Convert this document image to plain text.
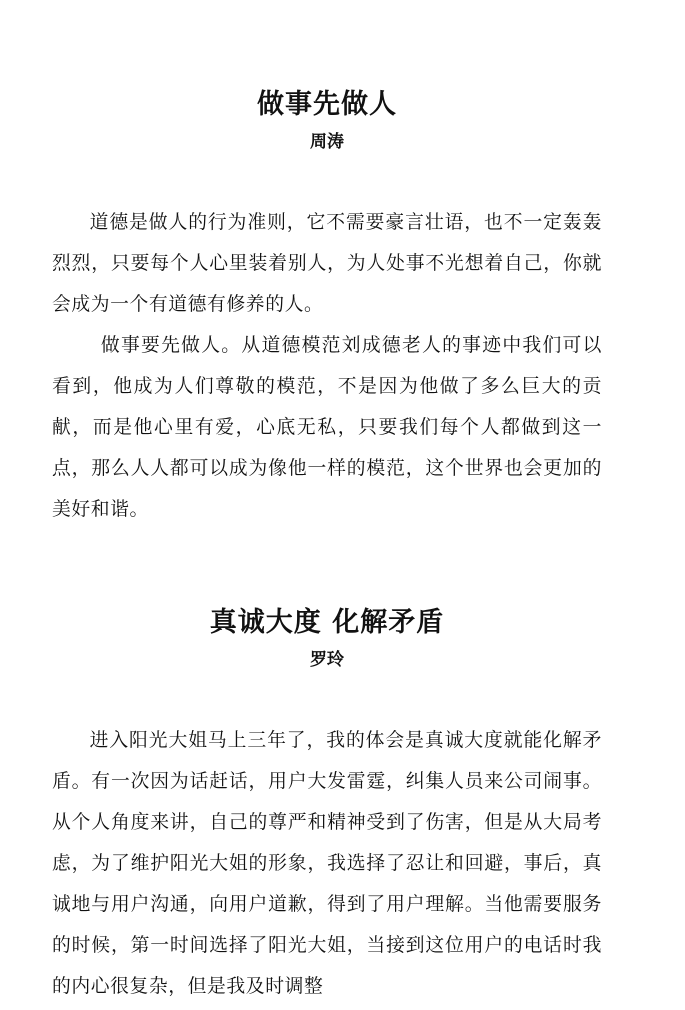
做事先做人
周涛

道德是做人的行为准则，它不需要豪言壮语，也不一定轰轰烈烈，只要每个人心里装着别人，为人处事不光想着自己，你就会成为一个有道德有修养的人。

做事要先做人。从道德模范刘成德老人的事迹中我们可以看到，他成为人们尊敬的模范，不是因为他做了多么巨大的贡献，而是他心里有爱，心底无私，只要我们每个人都做到这一点，那么人人都可以成为像他一样的模范，这个世界也会更加的美好和谐。

真诚大度 化解矛盾
罗玲

进入阳光大姐马上三年了，我的体会是真诚大度就能化解矛盾。有一次因为话赶话，用户大发雷霆，纠集人员来公司闹事。从个人角度来讲，自己的尊严和精神受到了伤害，但是从大局考虑，为了维护阳光大姐的形象，我选择了忍让和回避，事后，真诚地与用户沟通，向用户道歉，得到了用户理解。当他需要服务的时候，第一时间选择了阳光大姐，当接到这位用户的电话时我的内心很复杂，但是我及时调整
